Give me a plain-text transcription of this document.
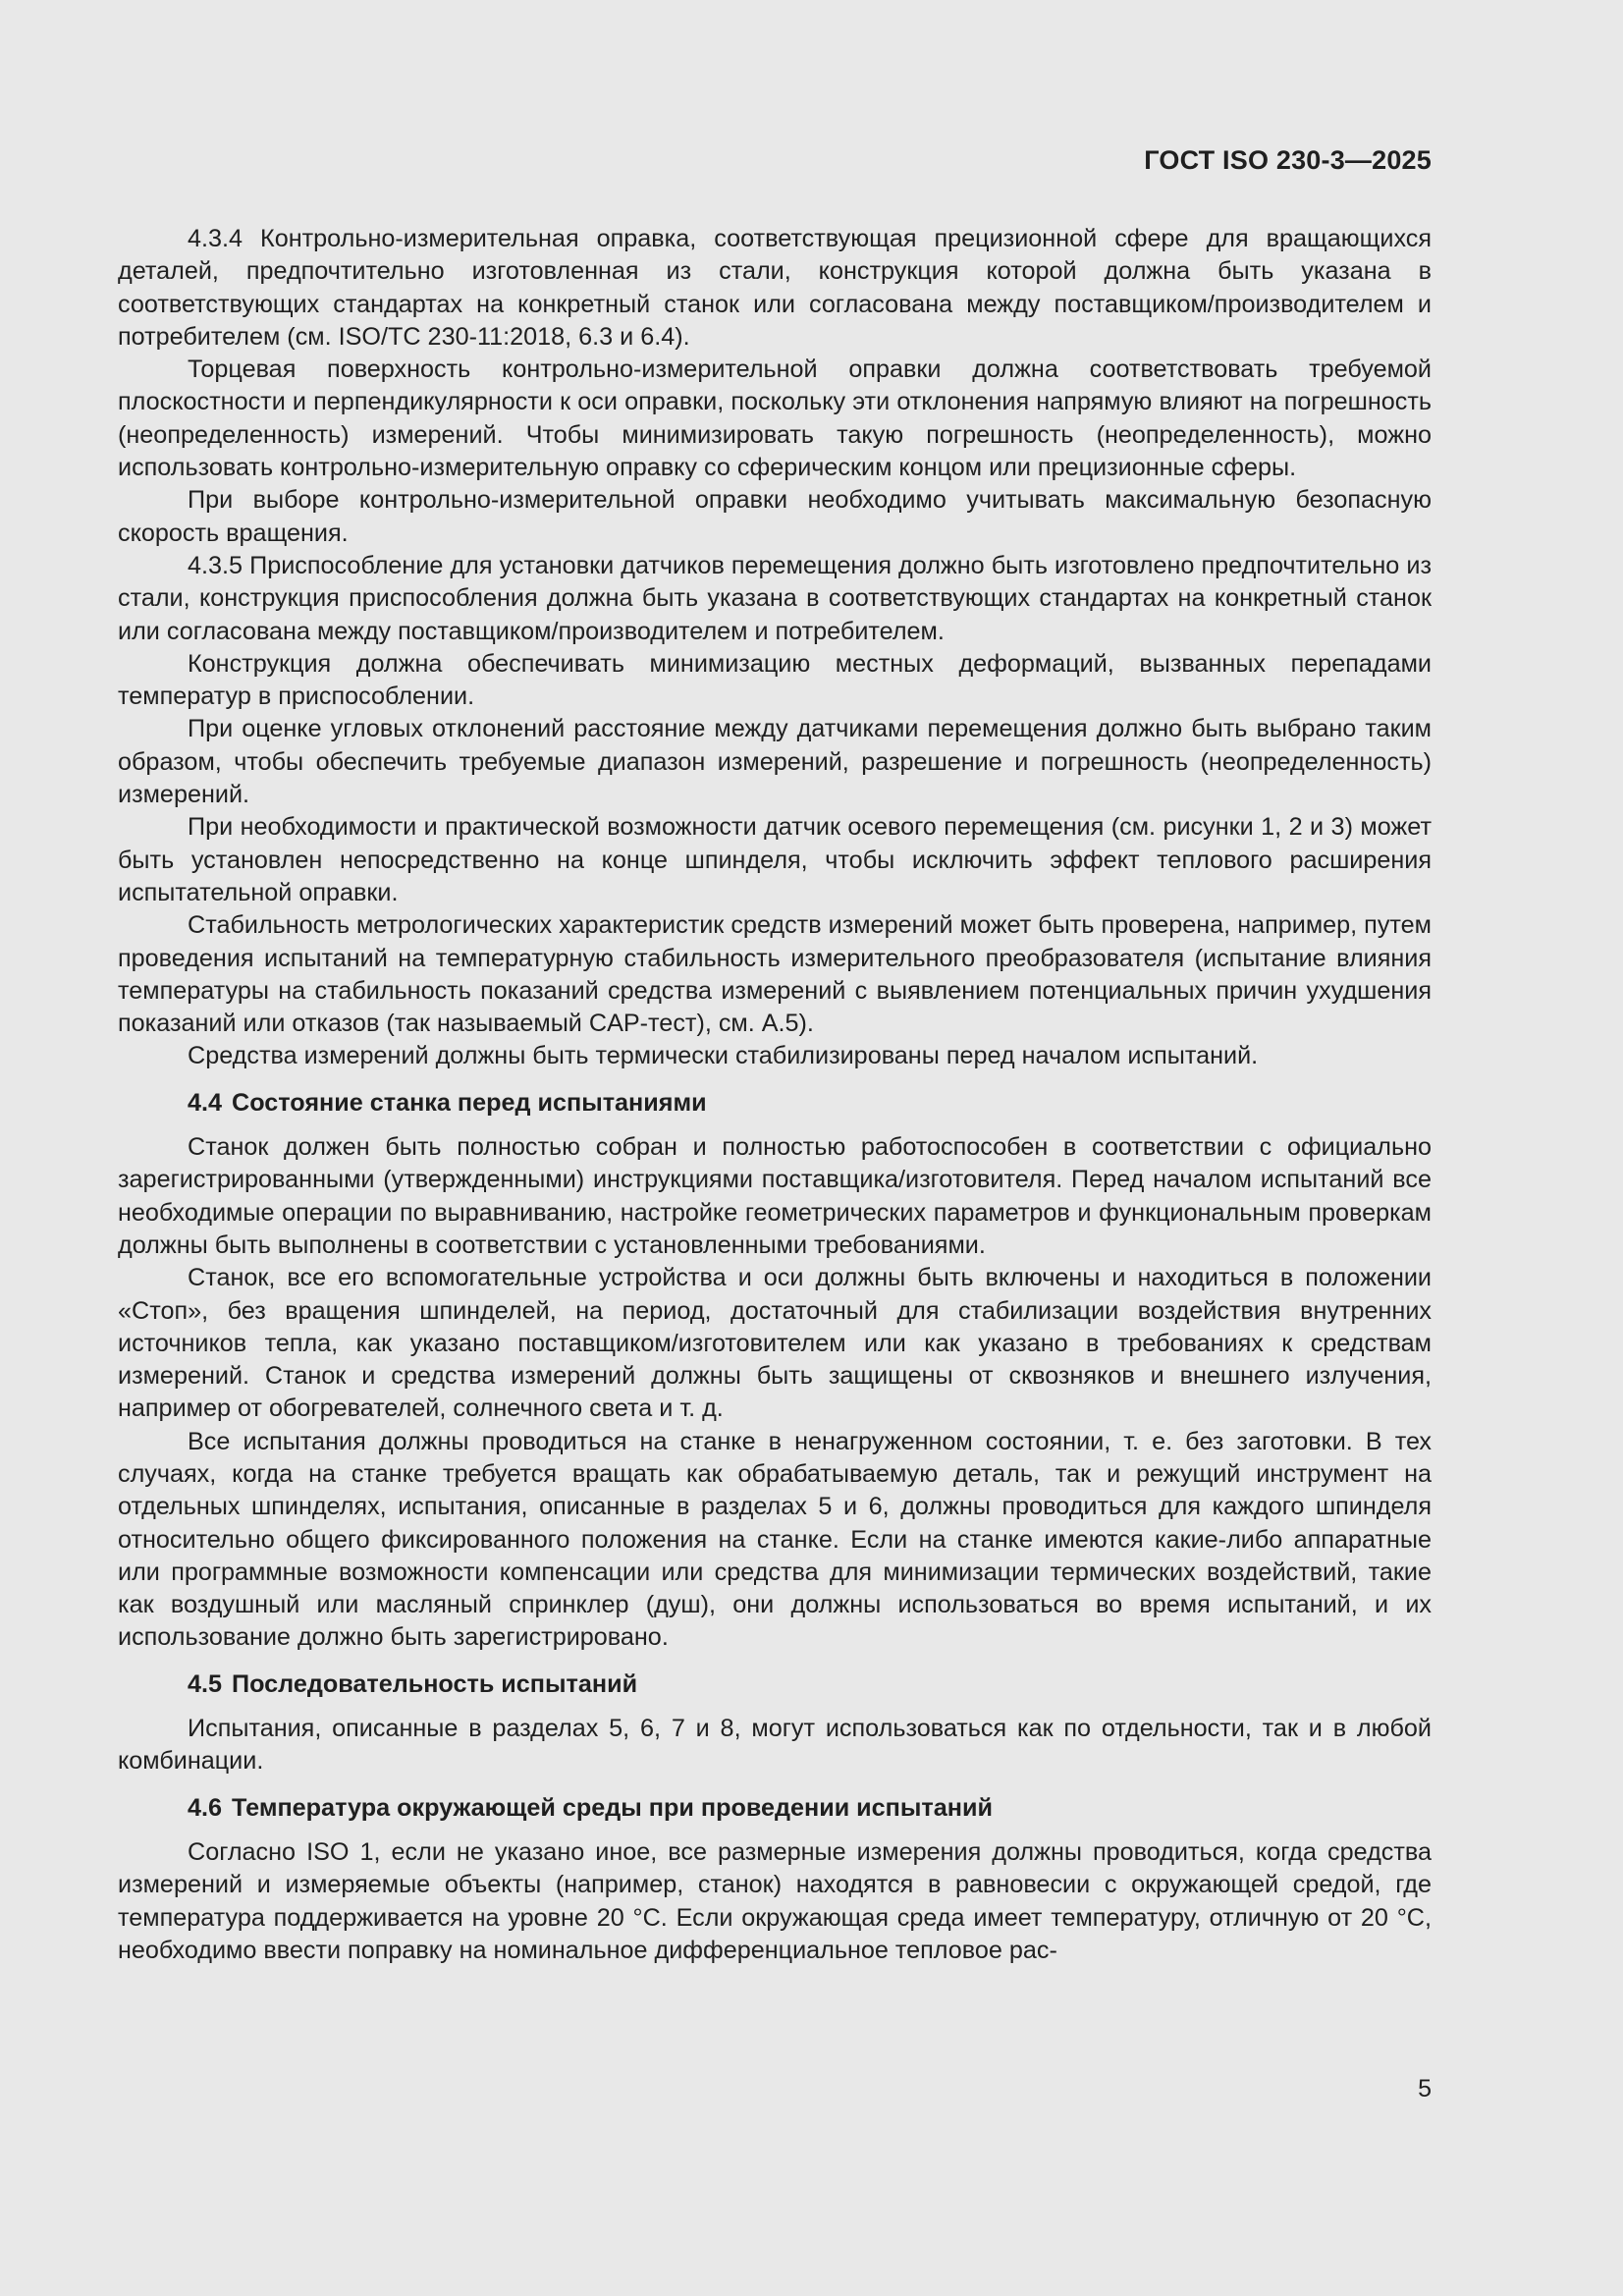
ГОСТ ISO 230-3—2025

4.3.4 Контрольно-измерительная оправка, соответствующая прецизионной сфере для вращающихся деталей, предпочтительно изготовленная из стали, конструкция которой должна быть указана в соответствующих стандартах на конкретный станок или согласована между поставщиком/производителем и потребителем (см. ISO/TC 230-11:2018, 6.3 и 6.4).

Торцевая поверхность контрольно-измерительной оправки должна соответствовать требуемой плоскостности и перпендикулярности к оси оправки, поскольку эти отклонения напрямую влияют на погрешность (неопределенность) измерений. Чтобы минимизировать такую погрешность (неопределенность), можно использовать контрольно-измерительную оправку со сферическим концом или прецизионные сферы.

При выборе контрольно-измерительной оправки необходимо учитывать максимальную безопасную скорость вращения.

4.3.5 Приспособление для установки датчиков перемещения должно быть изготовлено предпочтительно из стали, конструкция приспособления должна быть указана в соответствующих стандартах на конкретный станок или согласована между поставщиком/производителем и потребителем.

Конструкция должна обеспечивать минимизацию местных деформаций, вызванных перепадами температур в приспособлении.

При оценке угловых отклонений расстояние между датчиками перемещения должно быть выбрано таким образом, чтобы обеспечить требуемые диапазон измерений, разрешение и погрешность (неопределенность) измерений.

При необходимости и практической возможности датчик осевого перемещения (см. рисунки 1, 2 и 3) может быть установлен непосредственно на конце шпинделя, чтобы исключить эффект теплового расширения испытательной оправки.

Стабильность метрологических характеристик средств измерений может быть проверена, например, путем проведения испытаний на температурную стабильность измерительного преобразователя (испытание влияния температуры на стабильность показаний средства измерений с выявлением потенциальных причин ухудшения показаний или отказов (так называемый CAP-тест), см. A.5).

Средства измерений должны быть термически стабилизированы перед началом испытаний.

4.4 Состояние станка перед испытаниями

Станок должен быть полностью собран и полностью работоспособен в соответствии с официально зарегистрированными (утвержденными) инструкциями поставщика/изготовителя. Перед началом испытаний все необходимые операции по выравниванию, настройке геометрических параметров и функциональным проверкам должны быть выполнены в соответствии с установленными требованиями.

Станок, все его вспомогательные устройства и оси должны быть включены и находиться в положении «Стоп», без вращения шпинделей, на период, достаточный для стабилизации воздействия внутренних источников тепла, как указано поставщиком/изготовителем или как указано в требованиях к средствам измерений. Станок и средства измерений должны быть защищены от сквозняков и внешнего излучения, например от обогревателей, солнечного света и т. д.

Все испытания должны проводиться на станке в ненагруженном состоянии, т. е. без заготовки. В тех случаях, когда на станке требуется вращать как обрабатываемую деталь, так и режущий инструмент на отдельных шпинделях, испытания, описанные в разделах 5 и 6, должны проводиться для каждого шпинделя относительно общего фиксированного положения на станке. Если на станке имеются какие-либо аппаратные или программные возможности компенсации или средства для минимизации термических воздействий, такие как воздушный или масляный спринклер (душ), они должны использоваться во время испытаний, и их использование должно быть зарегистрировано.

4.5 Последовательность испытаний

Испытания, описанные в разделах 5, 6, 7 и 8, могут использоваться как по отдельности, так и в любой комбинации.

4.6 Температура окружающей среды при проведении испытаний

Согласно ISO 1, если не указано иное, все размерные измерения должны проводиться, когда средства измерений и измеряемые объекты (например, станок) находятся в равновесии с окружающей средой, где температура поддерживается на уровне 20 °C. Если окружающая среда имеет температуру, отличную от 20 °C, необходимо ввести поправку на номинальное дифференциальное тепловое рас-

5
